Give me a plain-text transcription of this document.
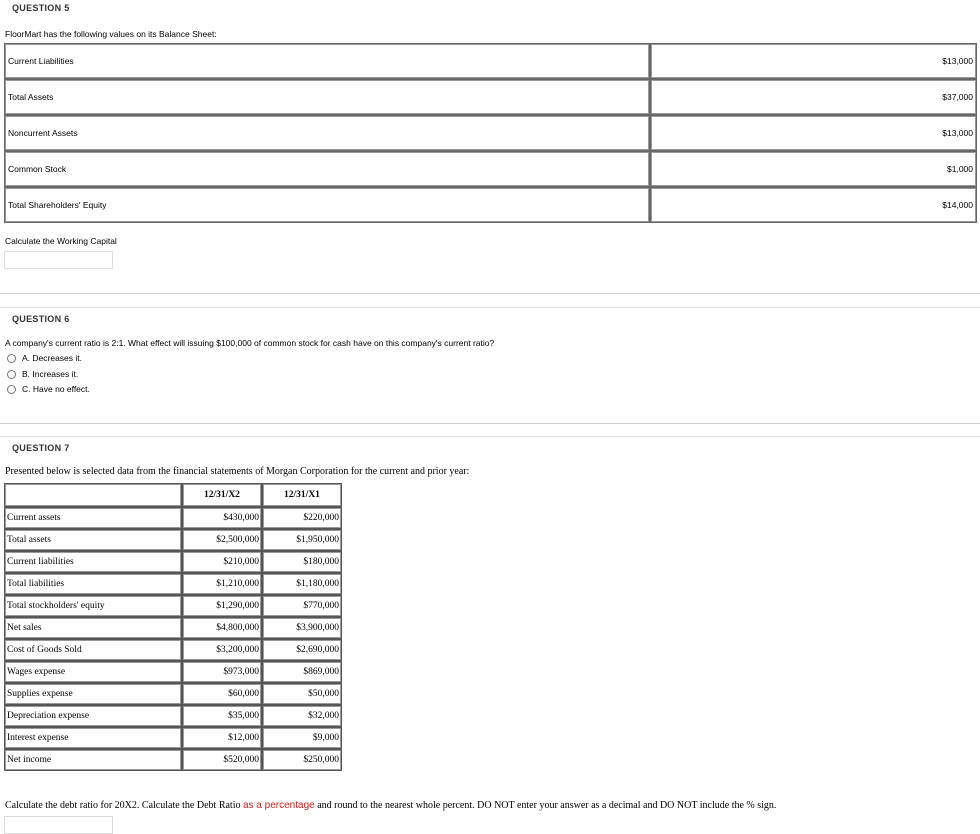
QUESTION 5
FloorMart has the following values on its Balance Sheet:
Current Liabilities	$13,000
Total Assets	$37,000
Noncurrent Assets	$13,000
Common Stock	$1,000
Total Shareholders' Equity	$14,000
Calculate the Working Capital
QUESTION 6
A company's current ratio is 2:1. What effect will issuing $100,000 of common stock for cash have on this company's current ratio?
A. Decreases it.
B. Increases it.
C. Have no effect.
QUESTION 7
Presented below is selected data from the financial statements of Morgan Corporation for the current and prior year:
	12/31/X2	12/31/X1
Current assets	$430,000	$220,000
Total assets	$2,500,000	$1,950,000
Current liabilities	$210,000	$180,000
Total liabilities	$1,210,000	$1,180,000
Total stockholders' equity	$1,290,000	$770,000
Net sales	$4,800,000	$3,900,000
Cost of Goods Sold	$3,200,000	$2,690,000
Wages expense	$973,000	$869,000
Supplies expense	$60,000	$50,000
Depreciation expense	$35,000	$32,000
Interest expense	$12,000	$9,000
Net income	$520,000	$250,000
Calculate the debt ratio for 20X2. Calculate the Debt Ratio as a percentage and round to the nearest whole percent. DO NOT enter your answer as a decimal and DO NOT include the % sign.
